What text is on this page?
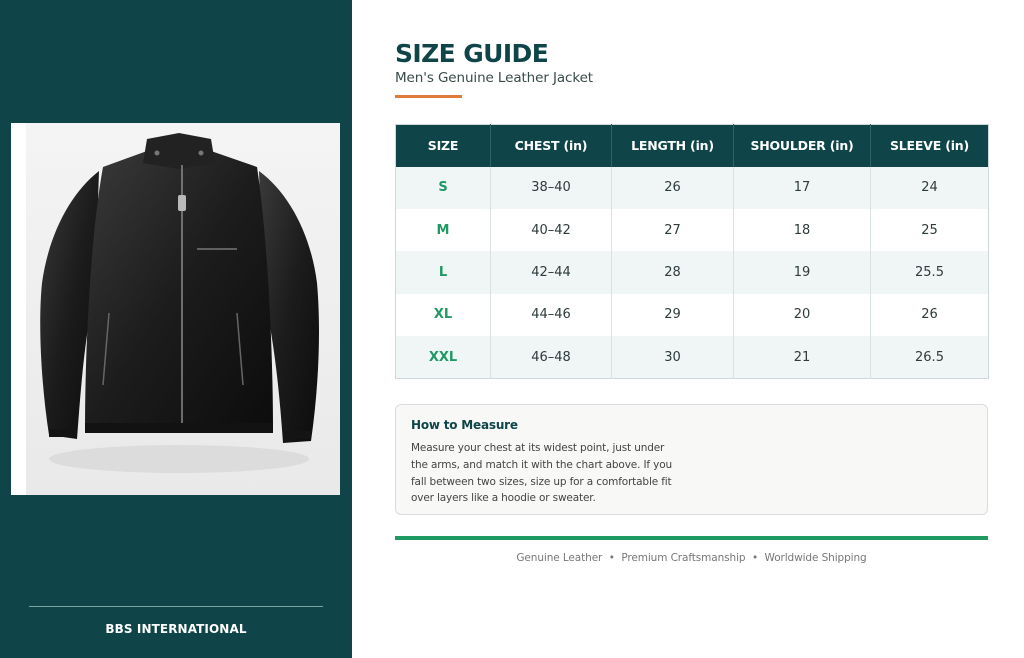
BBS INTERNATIONAL
SIZE GUIDE
Men's Genuine Leather Jacket
SIZE	CHEST (in)	LENGTH (in)	SHOULDER (in)	SLEEVE (in)
S	38–40	26	17	24
M	40–42	27	18	25
L	42–44	28	19	25.5
XL	44–46	29	20	26
XXL	46–48	30	21	26.5
How to Measure

Measure your chest at its widest point, just under the arms, and match it with the chart above. If you fall between two sizes, size up for a comfortable fit over layers like a hoodie or sweater.

Genuine Leather  •  Premium Craftsmanship  •  Worldwide Shipping
